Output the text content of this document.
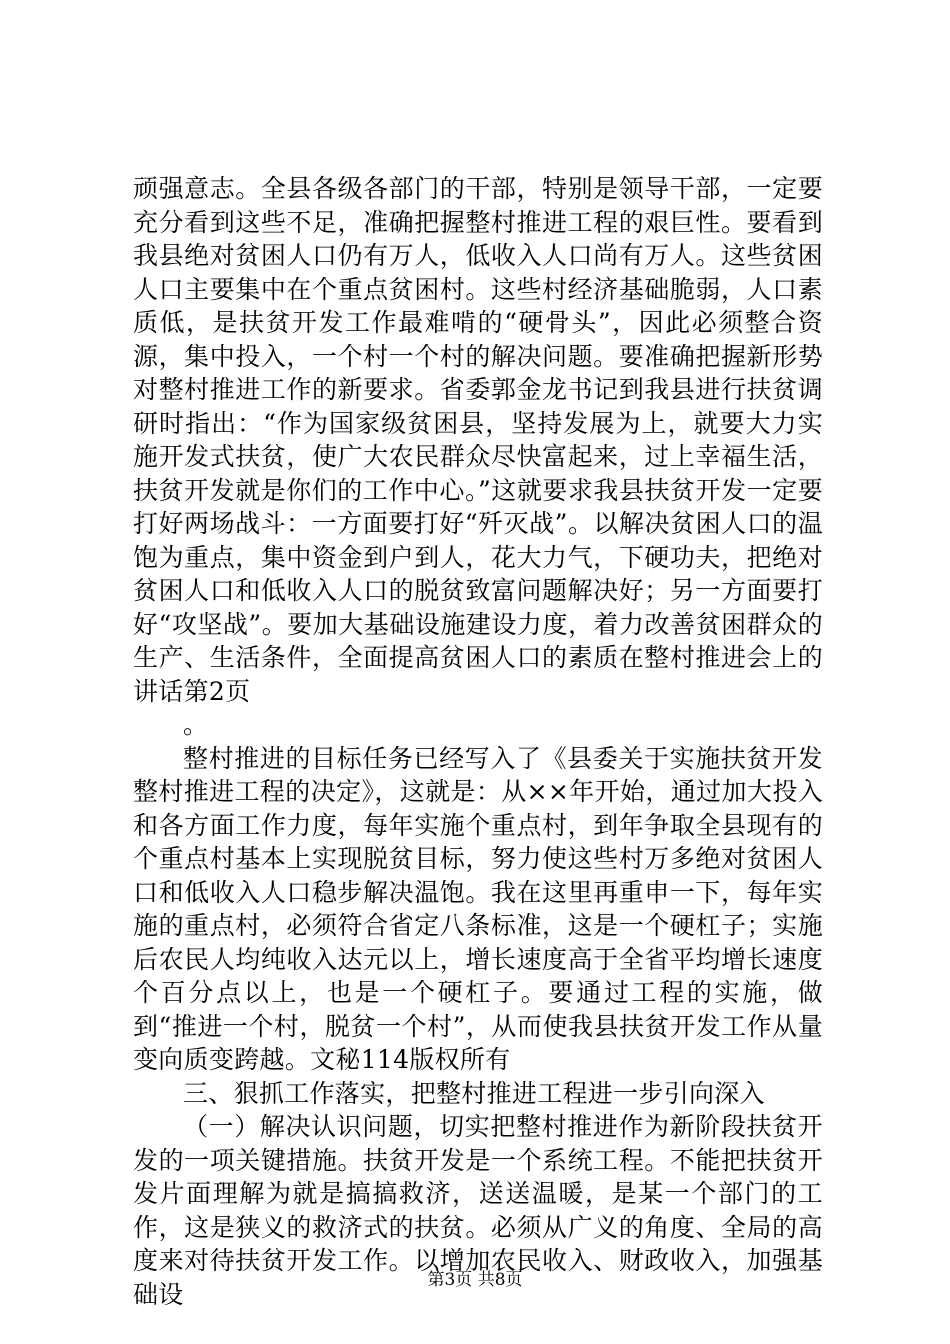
顽强意志。全县各级各部门的干部，特别是领导干部，一定要充分看到这些不足，准确把握整村推进工程的艰巨性。要看到我县绝对贫困人口仍有万人，低收入人口尚有万人。这些贫困人口主要集中在个重点贫困村。这些村经济基础脆弱，人口素质低，是扶贫开发工作最难啃的“硬骨头”，因此必须整合资源，集中投入，一个村一个村的解决问题。要准确把握新形势对整村推进工作的新要求。省委郭金龙书记到我县进行扶贫调研时指出：“作为国家级贫困县，坚持发展为上，就要大力实施开发式扶贫，使广大农民群众尽快富起来，过上幸福生活，扶贫开发就是你们的工作中心。”这就要求我县扶贫开发一定要打好两场战斗：一方面要打好“歼灭战”。以解决贫困人口的温饱为重点，集中资金到户到人，花大力气，下硬功夫，把绝对贫困人口和低收入人口的脱贫致富问题解决好；另一方面要打好“攻坚战”。要加大基础设施建设力度，着力改善贫困群众的生产、生活条件，全面提高贫困人口的素质在整村推进会上的讲话第2页

。

整村推进的目标任务已经写入了《县委关于实施扶贫开发整村推进工程的决定》，这就是：从××年开始，通过加大投入和各方面工作力度，每年实施个重点村，到年争取全县现有的个重点村基本上实现脱贫目标，努力使这些村万多绝对贫困人口和低收入人口稳步解决温饱。我在这里再重申一下，每年实施的重点村，必须符合省定八条标准，这是一个硬杠子；实施后农民人均纯收入达元以上，增长速度高于全省平均增长速度个百分点以上，也是一个硬杠子。要通过工程的实施，做到“推进一个村，脱贫一个村”，从而使我县扶贫开发工作从量变向质变跨越。文秘114版权所有

三、狠抓工作落实，把整村推进工程进一步引向深入

（一）解决认识问题，切实把整村推进作为新阶段扶贫开发的一项关键措施。扶贫开发是一个系统工程。不能把扶贫开发片面理解为就是搞搞救济，送送温暖，是某一个部门的工作，这是狭义的救济式的扶贫。必须从广义的角度、全局的高度来对待扶贫开发工作。以增加农民收入、财政收入，加强基础设	第3页 共8页
